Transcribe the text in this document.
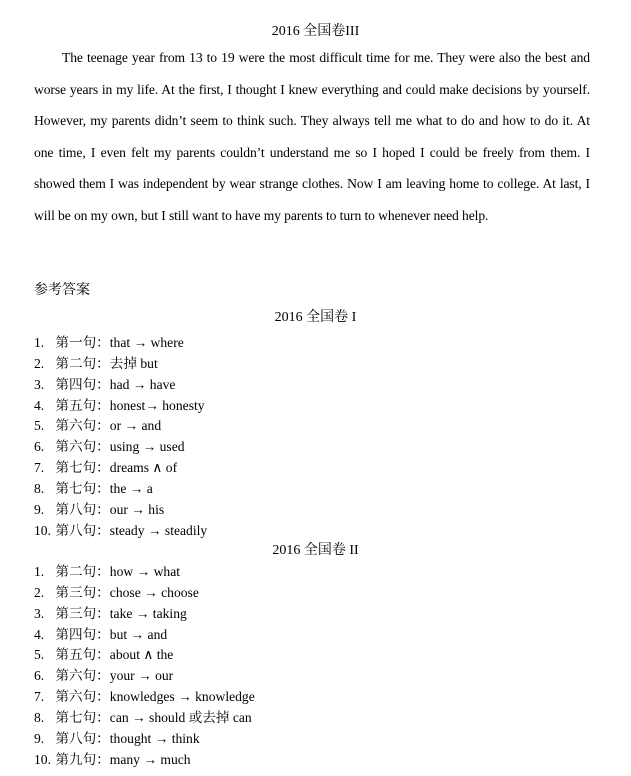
2016 全国卷III

The teenage year from 13 to 19 were the most difficult time for me. They were also the best and worse years in my life. At the first, I thought I knew everything and could make decisions by yourself. However, my parents didn’t seem to think such. They always tell me what to do and how to do it. At one time, I even felt my parents couldn’t understand me so I hoped I could be freely from them. I showed them I was independent by wear strange clothes. Now I am leaving home to college. At last, I will be on my own, but I still want to have my parents to turn to whenever need help.

参考答案
2016 全国卷 I
1. 第一句：that → where
2. 第二句：去掉 but
3. 第四句：had → have
4. 第五句：honest→ honesty
5. 第六句：or → and
6. 第六句：using → used
7. 第七句：dreams ∧ of
8. 第七句：the → a
9. 第八句：our → his
10. 第八句：steady → steadily
2016 全国卷 II
1. 第二句：how → what
2. 第三句：chose → choose
3. 第三句：take → taking
4. 第四句：but → and
5. 第五句：about ∧ the
6. 第六句：your → our
7. 第六句：knowledges → knowledge
8. 第七句：can → should 或去掉 can
9. 第八句：thought → think
10. 第九句：many → much
